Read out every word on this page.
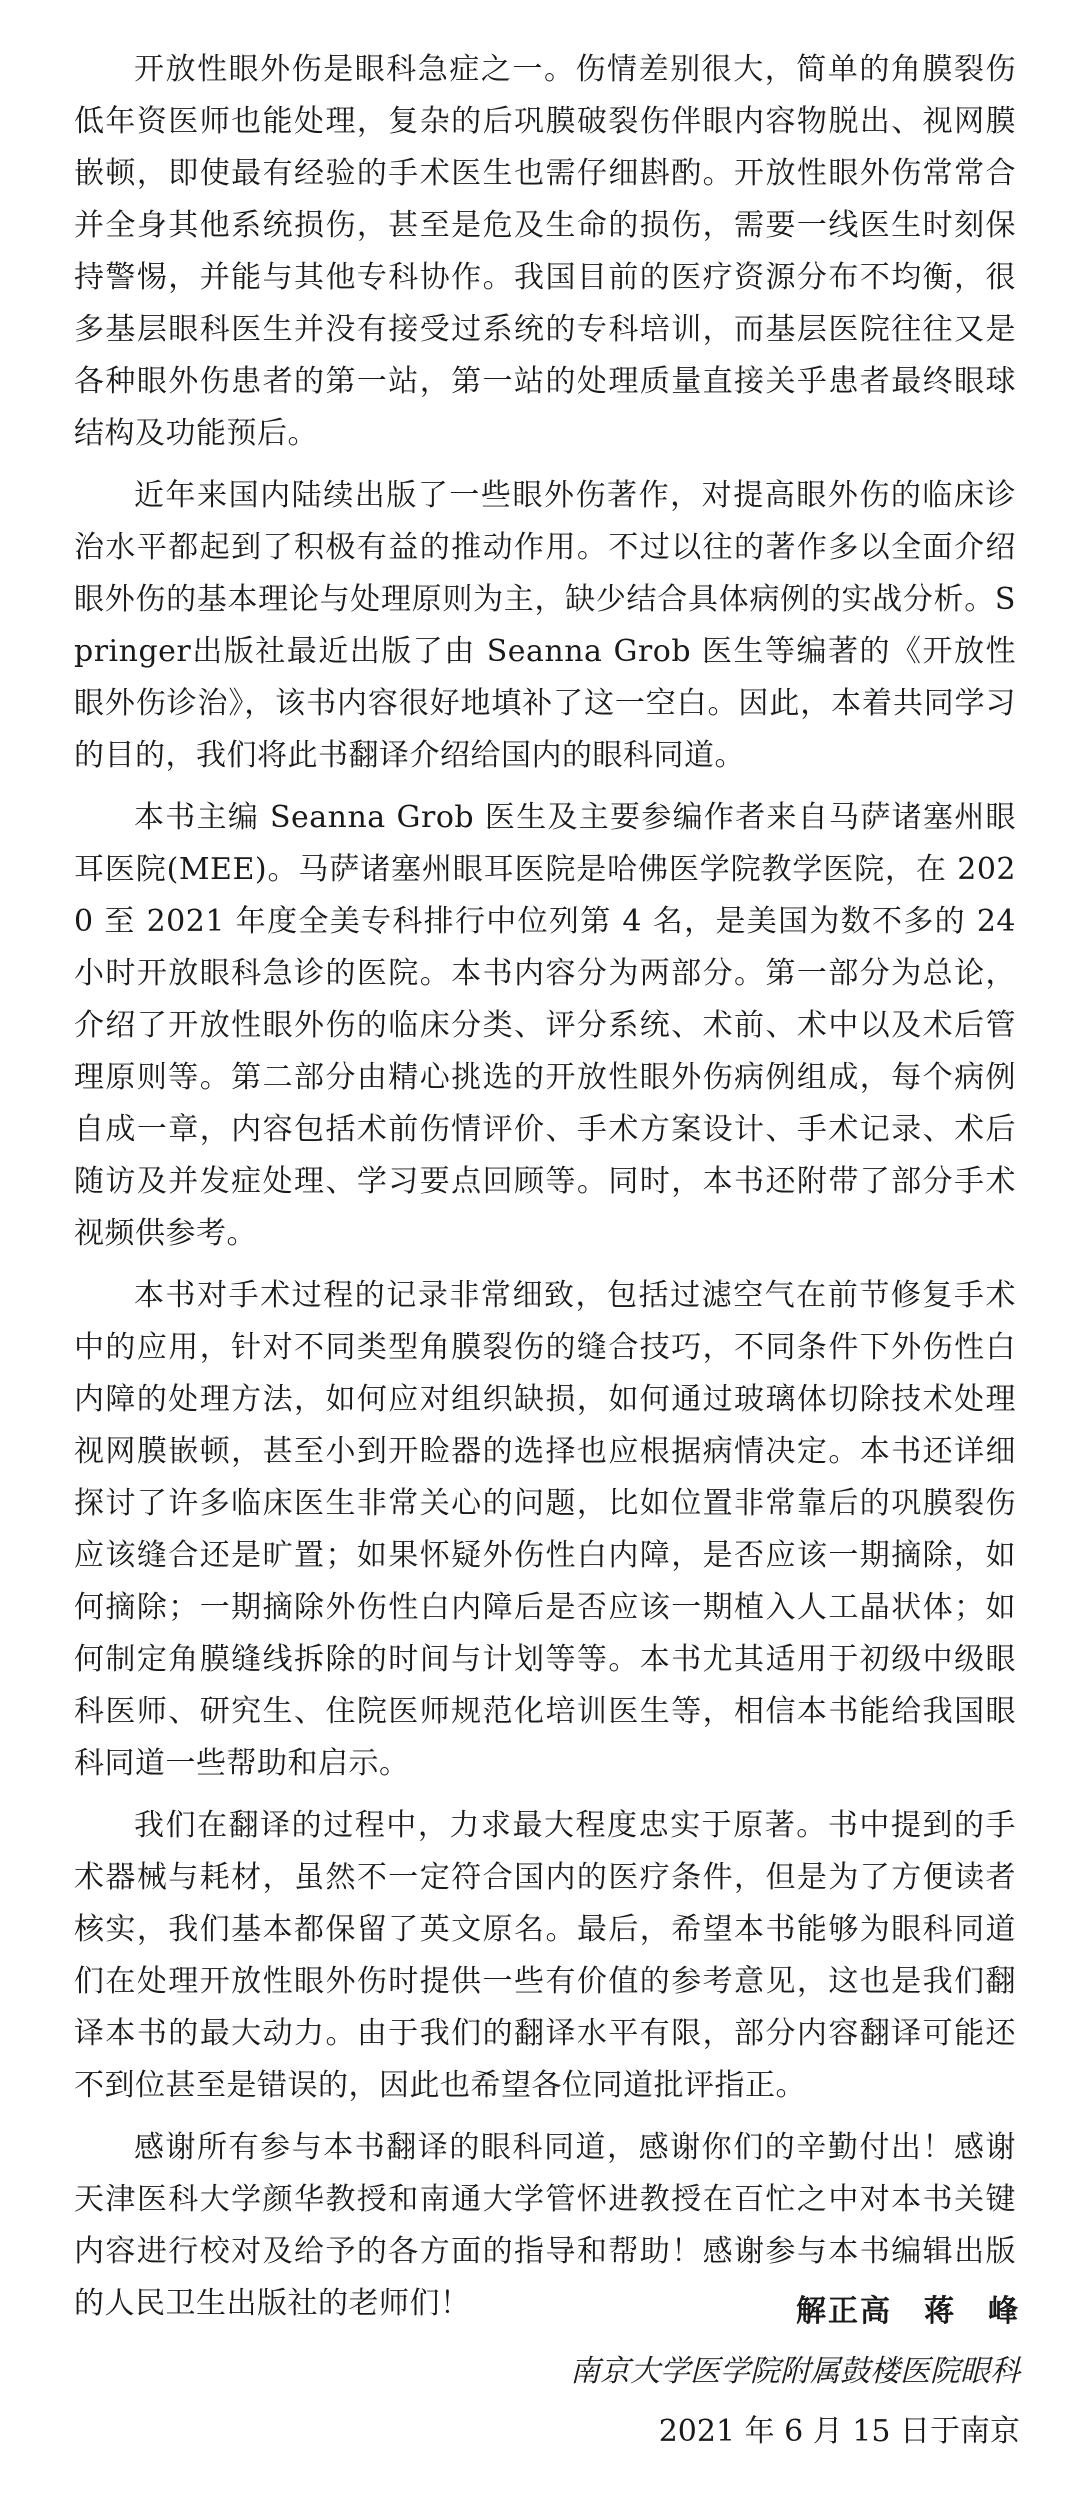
开放性眼外伤是眼科急症之一。伤情差别很大，简单的角膜裂伤低年资医师也能处理，复杂的后巩膜破裂伤伴眼内容物脱出、视网膜嵌顿，即使最有经验的手术医生也需仔细斟酌。开放性眼外伤常常合并全身其他系统损伤，甚至是危及生命的损伤，需要一线医生时刻保持警惕，并能与其他专科协作。我国目前的医疗资源分布不均衡，很多基层眼科医生并没有接受过系统的专科培训，而基层医院往往又是各种眼外伤患者的第一站，第一站的处理质量直接关乎患者最终眼球结构及功能预后。

近年来国内陆续出版了一些眼外伤著作，对提高眼外伤的临床诊治水平都起到了积极有益的推动作用。不过以往的著作多以全面介绍眼外伤的基本理论与处理原则为主，缺少结合具体病例的实战分析。Springer出版社最近出版了由 Seanna Grob 医生等编著的《开放性眼外伤诊治》，该书内容很好地填补了这一空白。因此，本着共同学习的目的，我们将此书翻译介绍给国内的眼科同道。

本书主编 Seanna Grob 医生及主要参编作者来自马萨诸塞州眼耳医院(MEE)。马萨诸塞州眼耳医院是哈佛医学院教学医院，在 2020 至 2021 年度全美专科排行中位列第 4 名，是美国为数不多的 24 小时开放眼科急诊的医院。本书内容分为两部分。第一部分为总论，介绍了开放性眼外伤的临床分类、评分系统、术前、术中以及术后管理原则等。第二部分由精心挑选的开放性眼外伤病例组成，每个病例自成一章，内容包括术前伤情评价、手术方案设计、手术记录、术后随访及并发症处理、学习要点回顾等。同时，本书还附带了部分手术视频供参考。

本书对手术过程的记录非常细致，包括过滤空气在前节修复手术中的应用，针对不同类型角膜裂伤的缝合技巧，不同条件下外伤性白内障的处理方法，如何应对组织缺损，如何通过玻璃体切除技术处理视网膜嵌顿，甚至小到开睑器的选择也应根据病情决定。本书还详细探讨了许多临床医生非常关心的问题，比如位置非常靠后的巩膜裂伤应该缝合还是旷置；如果怀疑外伤性白内障，是否应该一期摘除，如何摘除；一期摘除外伤性白内障后是否应该一期植入人工晶状体；如何制定角膜缝线拆除的时间与计划等等。本书尤其适用于初级中级眼科医师、研究生、住院医师规范化培训医生等，相信本书能给我国眼科同道一些帮助和启示。

我们在翻译的过程中，力求最大程度忠实于原著。书中提到的手术器械与耗材，虽然不一定符合国内的医疗条件，但是为了方便读者核实，我们基本都保留了英文原名。最后，希望本书能够为眼科同道们在处理开放性眼外伤时提供一些有价值的参考意见，这也是我们翻译本书的最大动力。由于我们的翻译水平有限，部分内容翻译可能还不到位甚至是错误的，因此也希望各位同道批评指正。

感谢所有参与本书翻译的眼科同道，感谢你们的辛勤付出！感谢天津医科大学颜华教授和南通大学管怀进教授在百忙之中对本书关键内容进行校对及给予的各方面的指导和帮助！感谢参与本书编辑出版的人民卫生出版社的老师们！	解正高　蒋　峰
南京大学医学院附属鼓楼医院眼科
2021 年 6 月 15 日于南京
